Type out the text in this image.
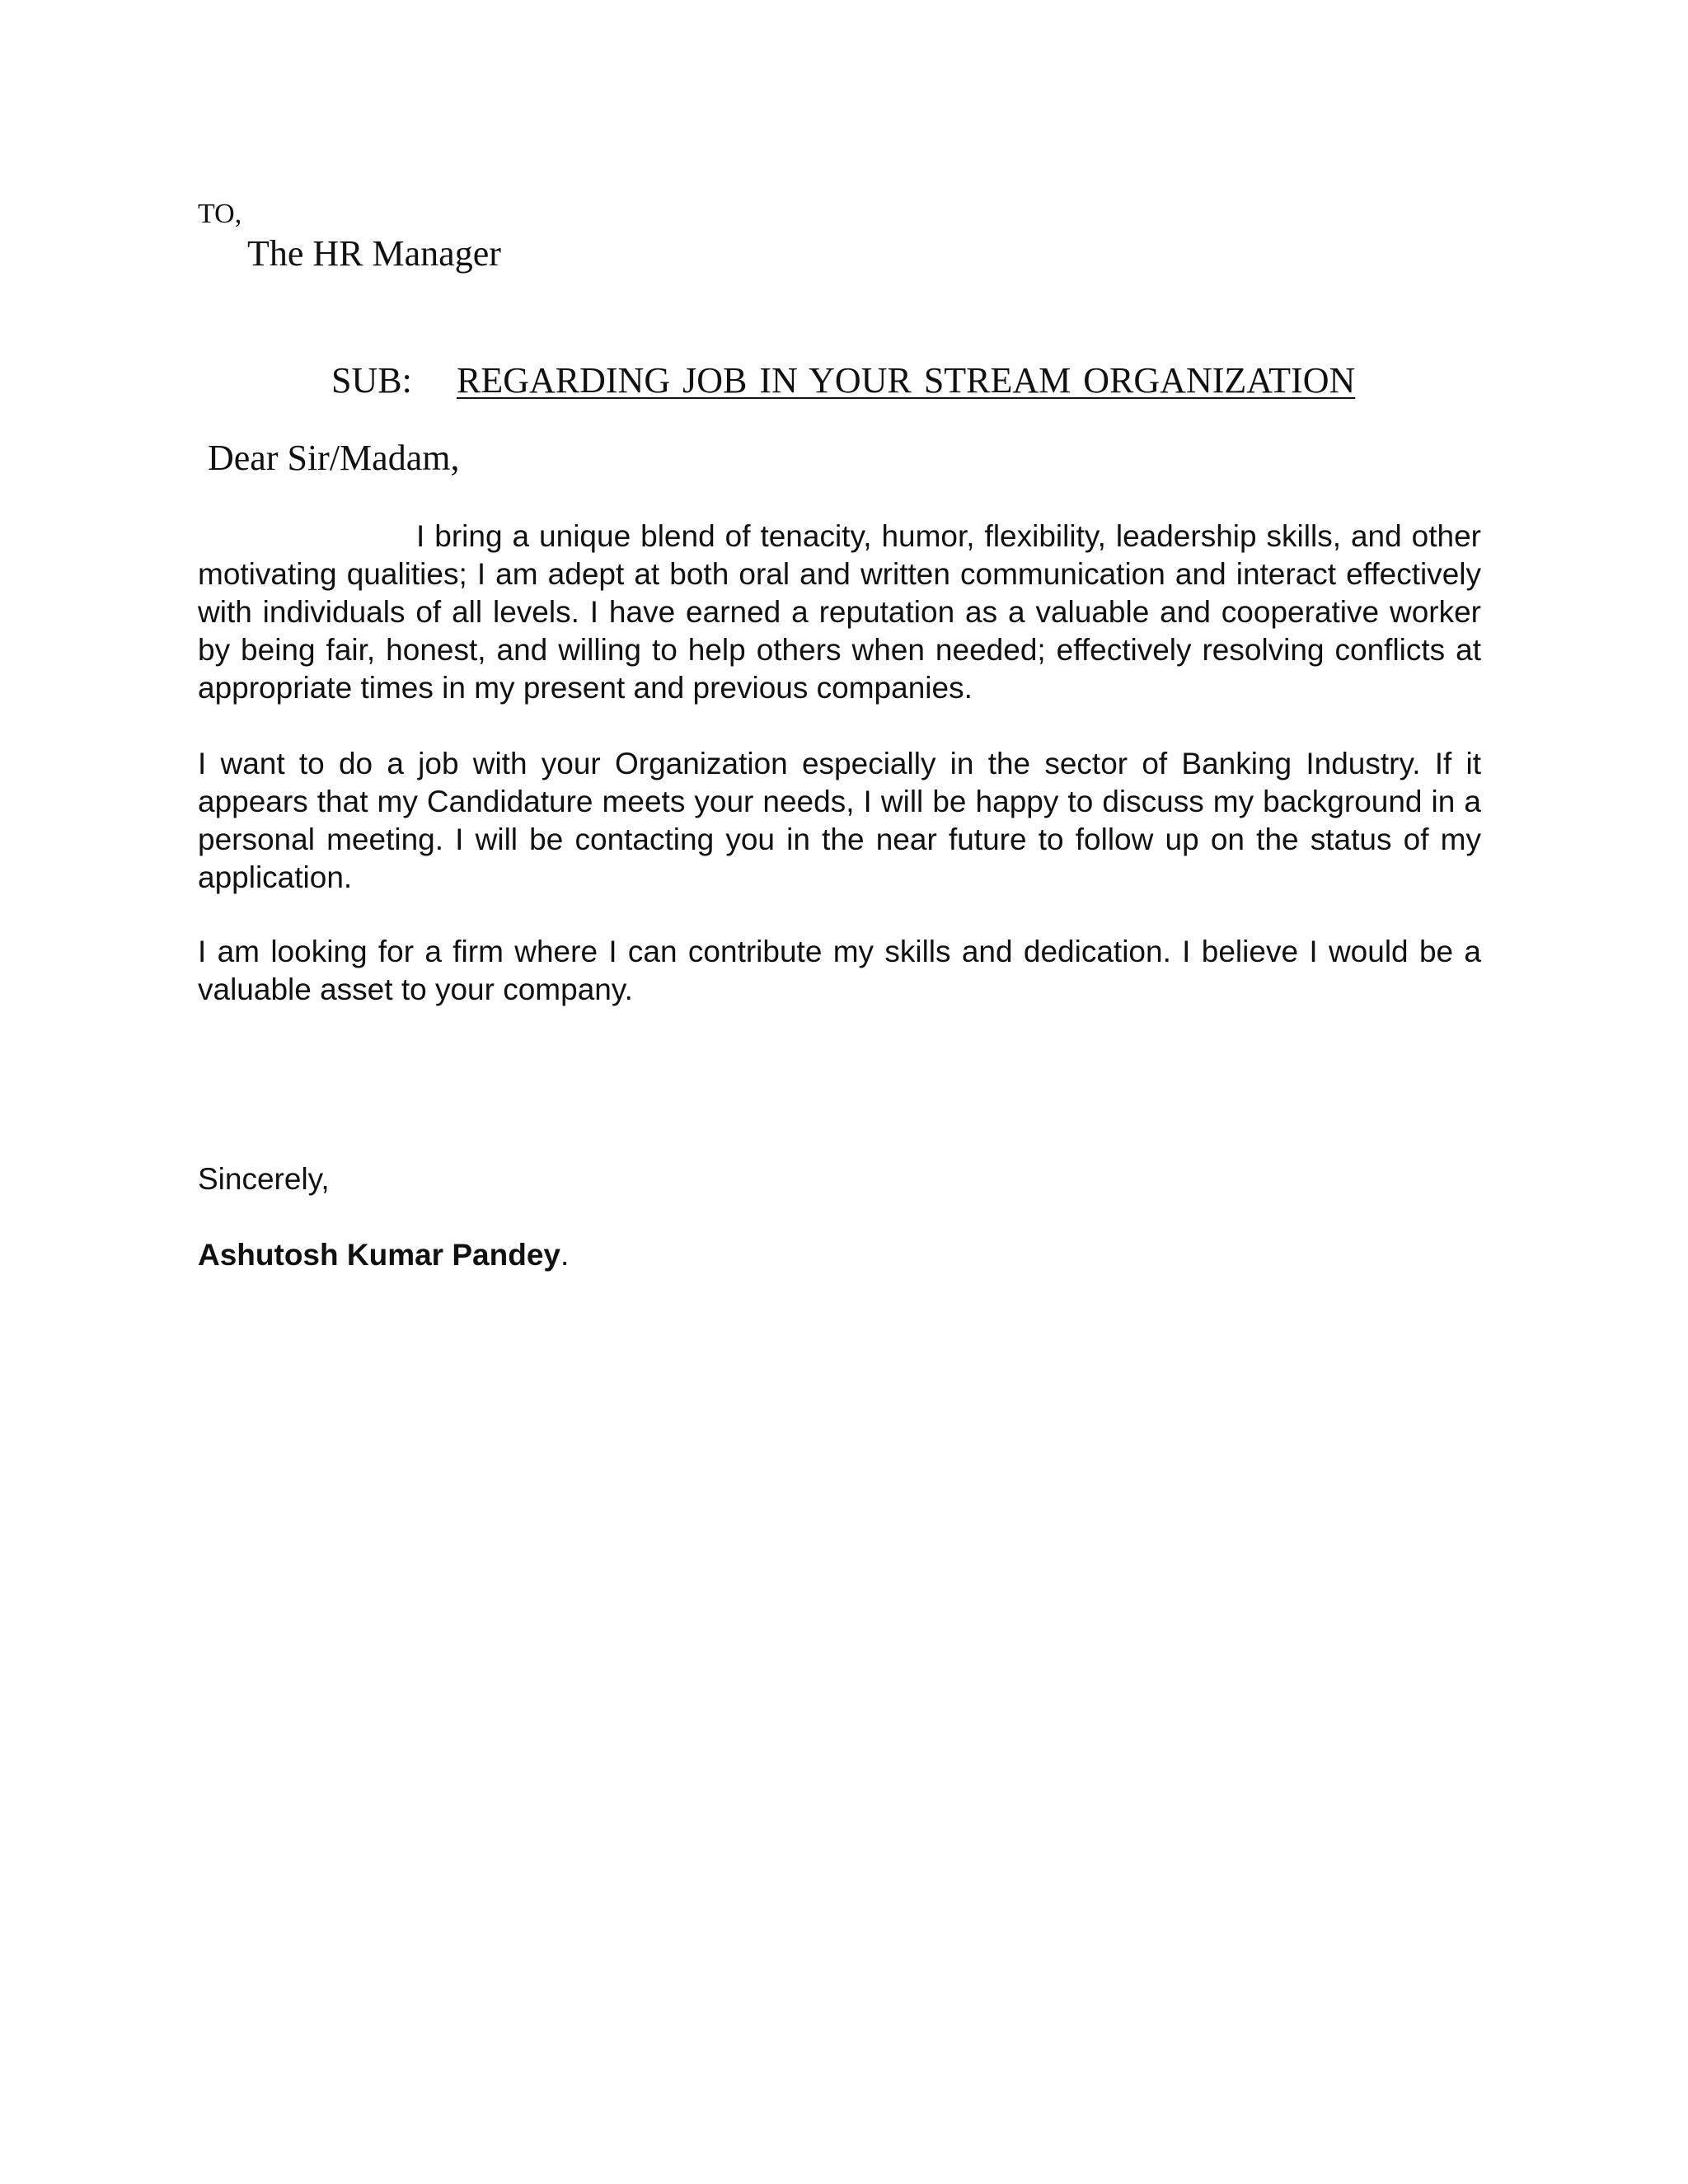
TO,

The HR Manager

SUB: REGARDING JOB IN YOUR STREAM ORGANIZATION

Dear Sir/Madam,

I bring a unique blend of tenacity, humor, flexibility, leadership skills, and other motivating qualities; I am adept at both oral and written communication and interact effectively with individuals of all levels. I have earned a reputation as a valuable and cooperative worker by being fair, honest, and willing to help others when needed; effectively resolving conflicts at appropriate times in my present and previous companies.

I want to do a job with your Organization especially in the sector of Banking Industry. If it appears that my Candidature meets your needs, I will be happy to discuss my background in a personal meeting. I will be contacting you in the near future to follow up on the status of my application.

I am looking for a firm where I can contribute my skills and dedication. I believe I would be a valuable asset to your company.

Sincerely,

Ashutosh Kumar Pandey.
